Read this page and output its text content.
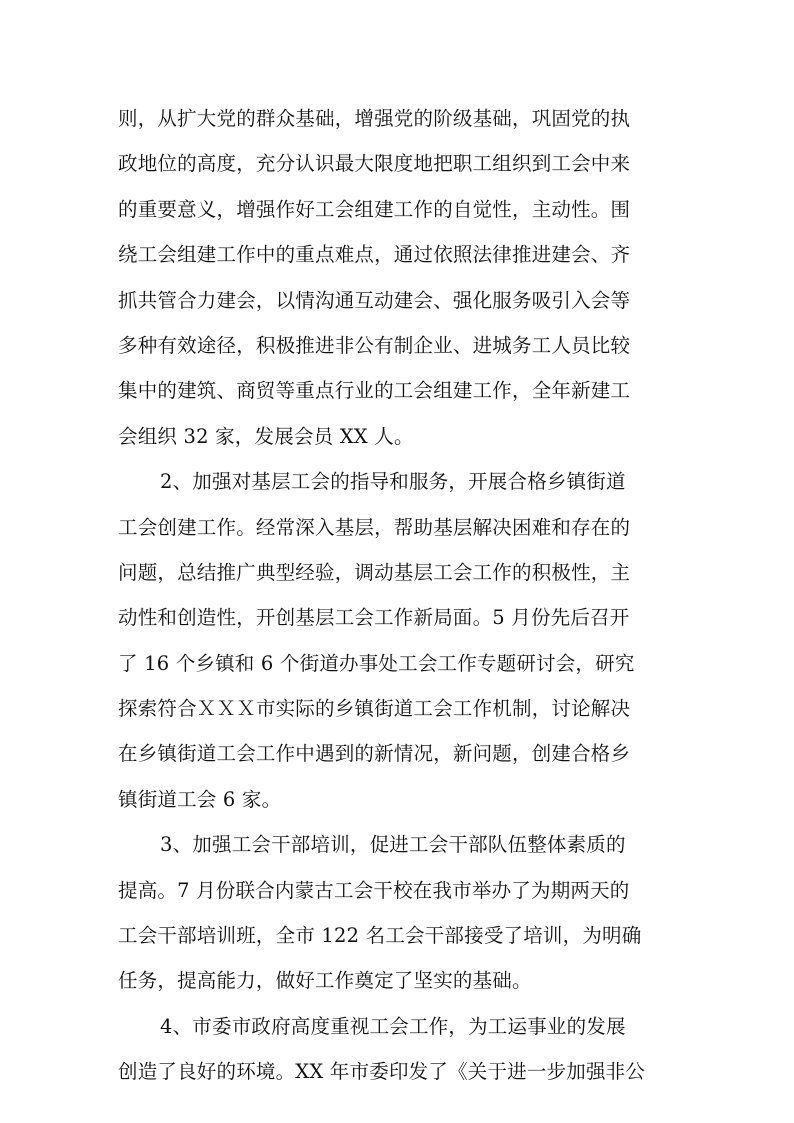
则，从扩大党的群众基础，增强党的阶级基础，巩固党的执
政地位的高度，充分认识最大限度地把职工组织到工会中来
的重要意义，增强作好工会组建工作的自觉性，主动性。围
绕工会组建工作中的重点难点，通过依照法律推进建会、齐
抓共管合力建会，以情沟通互动建会、强化服务吸引入会等
多种有效途径，积极推进非公有制企业、进城务工人员比较
集中的建筑、商贸等重点行业的工会组建工作，全年新建工
会组织 32 家，发展会员 XX 人。
2、加强对基层工会的指导和服务，开展合格乡镇街道
工会创建工作。经常深入基层，帮助基层解决困难和存在的
问题，总结推广典型经验，调动基层工会工作的积极性，主
动性和创造性，开创基层工会工作新局面。5 月份先后召开
了 16 个乡镇和 6 个街道办事处工会工作专题研讨会，研究
探索符合ＸＸＸ市实际的乡镇街道工会工作机制，讨论解决
在乡镇街道工会工作中遇到的新情况，新问题，创建合格乡
镇街道工会 6 家。
3、加强工会干部培训，促进工会干部队伍整体素质的
提高。7 月份联合内蒙古工会干校在我市举办了为期两天的
工会干部培训班，全市 122 名工会干部接受了培训，为明确
任务，提高能力，做好工作奠定了坚实的基础。
4、市委市政府高度重视工会工作，为工运事业的发展
创造了良好的环境。XX 年市委印发了《关于进一步加强非公
